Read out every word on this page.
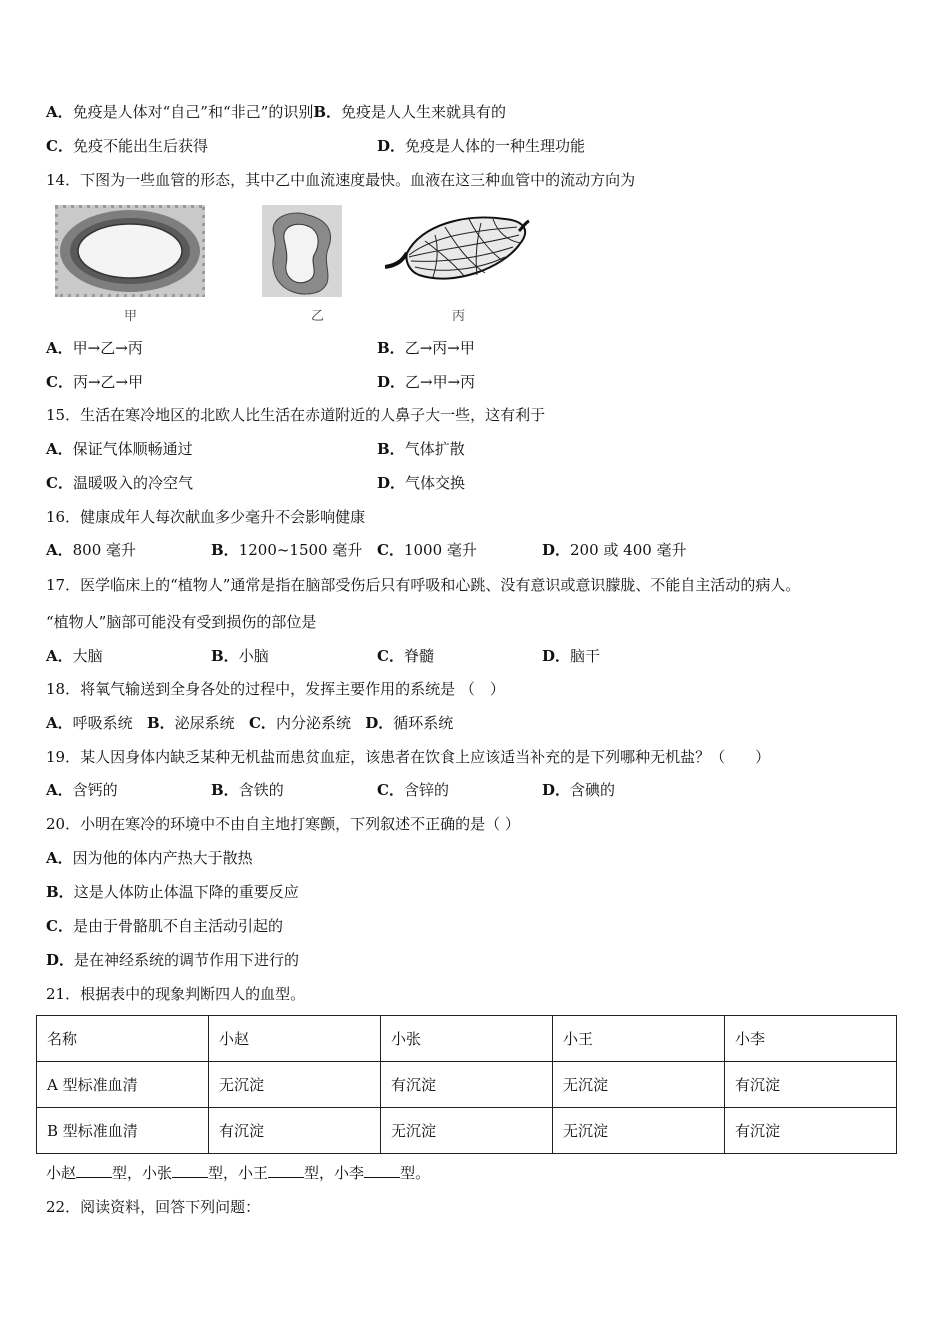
A．免疫是人体对“自己”和“非己”的识别B．免疫是人人生来就具有的
C．免疫不能出生后获得	D．免疫是人体的一种生理功能
14．下图为一些血管的形态，其中乙中血流速度最快。血液在这三种血管中的流动方向为
甲	乙	丙
A．甲→乙→丙	B．乙→丙→甲
C．丙→乙→甲	D．乙→甲→丙
15．生活在寒冷地区的北欧人比生活在赤道附近的人鼻子大一些，这有利于
A．保证气体顺畅通过	B．气体扩散
C．温暖吸入的冷空气	D．气体交换
16．健康成年人每次献血多少毫升不会影响健康
A．800 毫升	B．1200~1500 毫升 C．1000 毫升	D．200 或 400 毫升
17．医学临床上的“植物人”通常是指在脑部受伤后只有呼吸和心跳、没有意识或意识朦胧、不能自主活动的病人。
“植物人”脑部可能没有受到损伤的部位是
A．大脑	B．小脑	C．脊髓	D．脑干
18．将氧气输送到全身各处的过程中，发挥主要作用的系统是 （　）
A．呼吸系统 B．泌尿系统 C．内分泌系统 D．循环系统
19．某人因身体内缺乏某种无机盐而患贫血症，该患者在饮食上应该适当补充的是下列哪种无机盐？（　　）
A．含钙的	B．含铁的	C．含锌的	D．含碘的
20．小明在寒冷的环境中不由自主地打寒颤，下列叙述不正确的是（ ）
A．因为他的体内产热大于散热
B．这是人体防止体温下降的重要反应
C．是由于骨骼肌不自主活动引起的
D．是在神经系统的调节作用下进行的
21．根据表中的现象判断四人的血型。
名称	小赵	小张	小王	小李
A 型标准血清	无沉淀	有沉淀	无沉淀	有沉淀
B 型标准血清	有沉淀	无沉淀	无沉淀	有沉淀
小赵 型，小张 型，小王 型，小李 型。
22．阅读资料，回答下列问题：
